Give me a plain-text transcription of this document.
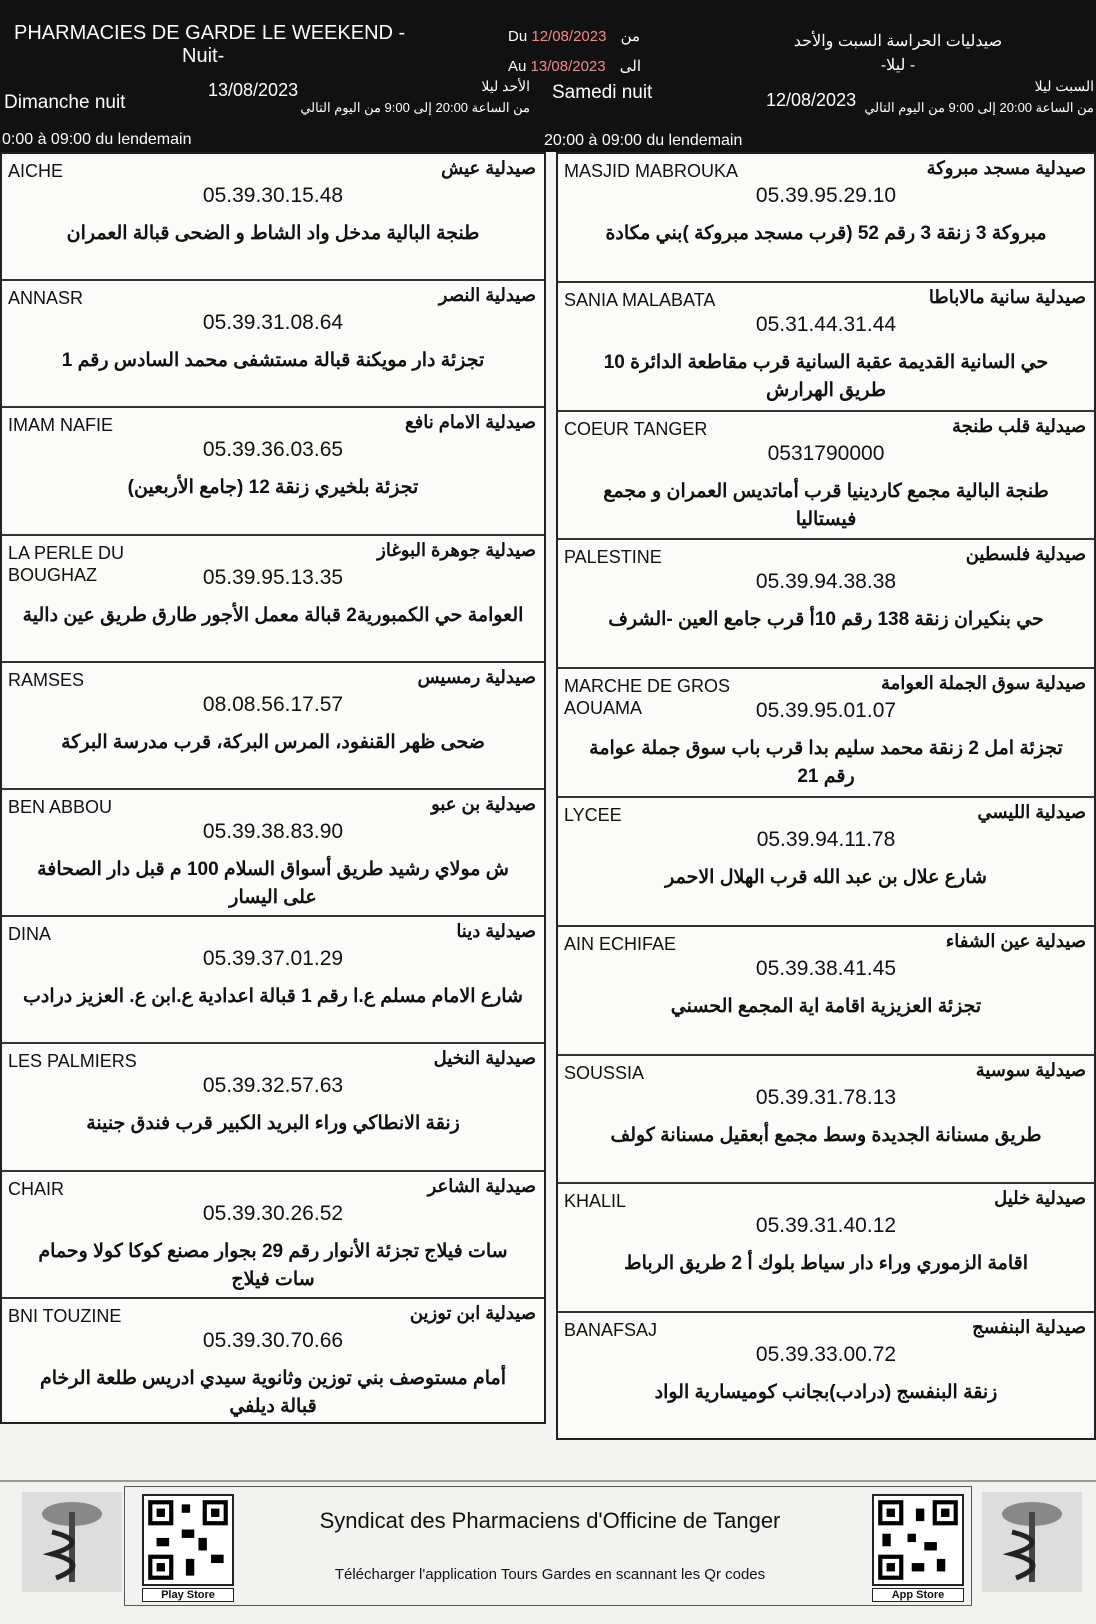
PHARMACIES DE GARDE LE WEEKEND -
Nuit-
Du 12/08/2023 من
Au 13/08/2023 الى
صيدليات الحراسة السبت والأحد
- ليلا-
Dimanche nuit
13/08/2023	الأحد ليلا
من الساعة 20:00 إلى 9:00 من اليوم التالي
0:00 à 09:00 du lendemain
Samedi nuit	12/08/2023
السبت ليلا
من الساعة 20:00 إلى 9:00 من اليوم التالي
20:00 à 09:00 du lendemain
AICHE	صيدلية عيش
05.39.30.15.48
طنجة البالية مدخل واد الشاط و الضحى قبالة العمران
ANNASR	صيدلية النصر
05.39.31.08.64
تجزئة دار مويكنة قبالة مستشفى محمد السادس رقم 1
IMAM NAFIE	صيدلية الامام نافع
05.39.36.03.65
تجزئة بلخيري زنقة 12 (جامع الأربعين)
LA PERLE DU BOUGHAZ
صيدلية جوهرة البوغاز
05.39.95.13.35
العوامة حي الكمبورية2 قبالة معمل الأجور طارق طريق عين دالية
RAMSES	صيدلية رمسيس
08.08.56.17.57
ضحى ظهر القنفود، المرس البركة، قرب مدرسة البركة
BEN ABBOU	صيدلية بن عبو
05.39.38.83.90
ش مولاي رشيد طريق أسواق السلام 100 م قبل دار الصحافة على اليسار
DINA	صيدلية دينا
05.39.37.01.29
شارع الامام مسلم ع.ا رقم 1 قبالة اعدادية ع.ابن ع. العزيز درادب
LES PALMIERS	صيدلية النخيل
05.39.32.57.63
زنقة الانطاكي وراء البريد الكبير قرب فندق جنينة
CHAIR	صيدلية الشاعر
05.39.30.26.52
سات فيلاج تجزئة الأنوار رقم 29 بجوار مصنع كوكا كولا وحمام سات فيلاج
BNI TOUZINE	صيدلية ابن توزين
05.39.30.70.66
أمام مستوصف بني توزين وثانوية سيدي ادريس طلعة الرخام قبالة ديلفي
MASJID MABROUKA	صيدلية مسجد مبروكة
05.39.95.29.10
مبروكة 3 زنقة 3 رقم 52 (قرب مسجد مبروكة )بني مكادة
SANIA MALABATA	صيدلية سانية مالاباطا
05.31.44.31.44
حي السانية القديمة عقبة السانية قرب مقاطعة الدائرة 10 طريق الهرارش
COEUR TANGER	صيدلية قلب طنجة
0531790000
طنجة البالية مجمع كاردينيا قرب أماتديس العمران و مجمع فيستاليا
PALESTINE	صيدلية فلسطين
05.39.94.38.38
حي بنكيران زنقة 138 رقم 10أ قرب جامع العين -الشرف
MARCHE DE GROS AOUAMA
صيدلية سوق الجملة العوامة
05.39.95.01.07
تجزئة امل 2 زنقة محمد سليم بدا قرب باب سوق جملة عوامة رقم 21
LYCEE	صيدلية الليسي
05.39.94.11.78
شارع علال بن عبد الله قرب الهلال الاحمر
AIN ECHIFAE	صيدلية عين الشفاء
05.39.38.41.45
تجزئة العزيزية اقامة اية المجمع الحسني
SOUSSIA	صيدلية سوسية
05.39.31.78.13
طريق مسنانة الجديدة وسط مجمع أبعقيل مسنانة كولف
KHALIL	صيدلية خليل
05.39.31.40.12
اقامة الزموري وراء دار سياط بلوك أ 2 طريق الرباط
BANAFSAJ	صيدلية البنفسج
05.39.33.00.72
زنقة البنفسج (درادب)بجانب كوميسارية الواد
Play Store
Syndicat des Pharmaciens d'Officine de Tanger
Télécharger l'application Tours Gardes en scannant les Qr codes
App Store
